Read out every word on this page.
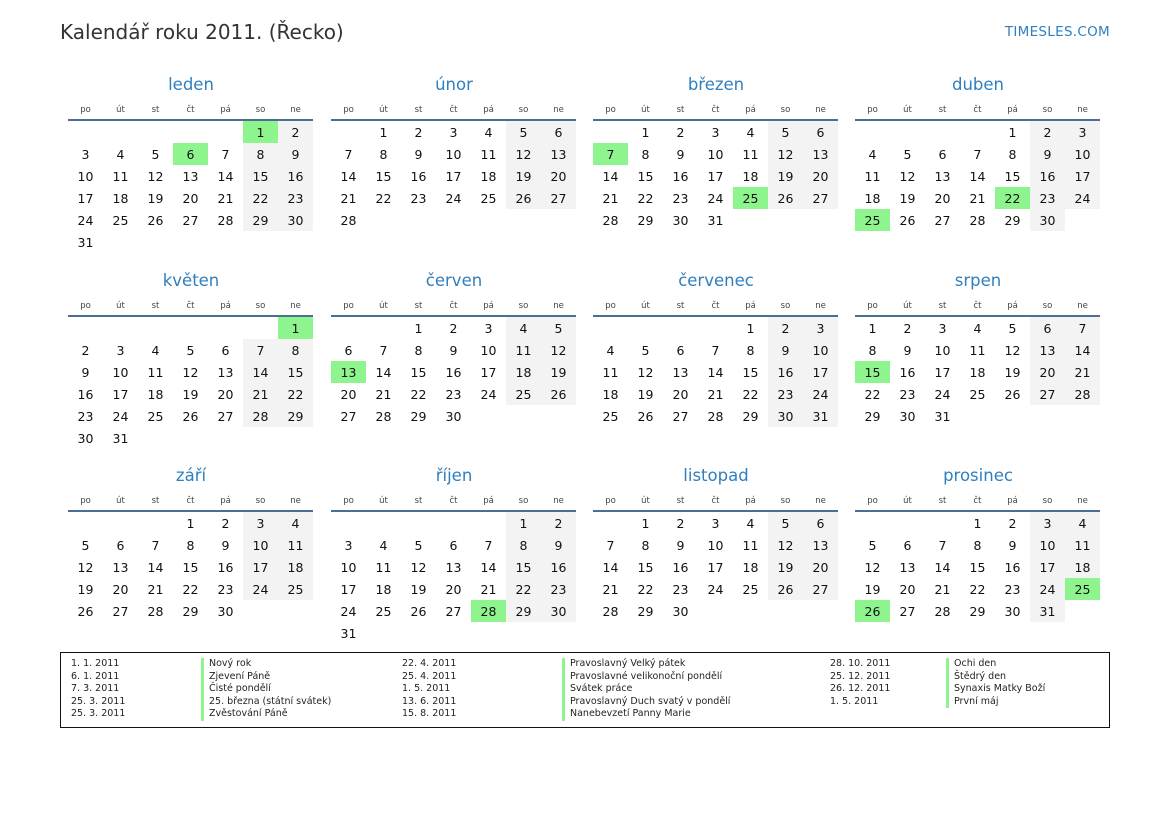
Kalendář roku 2011. (Řecko)	TIMESLES.COM
leden
po	út	st	čt	pá	so	ne
					1	2
3	4	5	6	7	8	9
10	11	12	13	14	15	16
17	18	19	20	21	22	23
24	25	26	27	28	29	30
31						
únor
po	út	st	čt	pá	so	ne
	1	2	3	4	5	6
7	8	9	10	11	12	13
14	15	16	17	18	19	20
21	22	23	24	25	26	27
28						
březen
po	út	st	čt	pá	so	ne
	1	2	3	4	5	6
7	8	9	10	11	12	13
14	15	16	17	18	19	20
21	22	23	24	25	26	27
28	29	30	31			
duben
po	út	st	čt	pá	so	ne
				1	2	3
4	5	6	7	8	9	10
11	12	13	14	15	16	17
18	19	20	21	22	23	24
25	26	27	28	29	30	
květen
po	út	st	čt	pá	so	ne
						1
2	3	4	5	6	7	8
9	10	11	12	13	14	15
16	17	18	19	20	21	22
23	24	25	26	27	28	29
30	31					
červen
po	út	st	čt	pá	so	ne
		1	2	3	4	5
6	7	8	9	10	11	12
13	14	15	16	17	18	19
20	21	22	23	24	25	26
27	28	29	30			
červenec
po	út	st	čt	pá	so	ne
				1	2	3
4	5	6	7	8	9	10
11	12	13	14	15	16	17
18	19	20	21	22	23	24
25	26	27	28	29	30	31
srpen
po	út	st	čt	pá	so	ne
1	2	3	4	5	6	7
8	9	10	11	12	13	14
15	16	17	18	19	20	21
22	23	24	25	26	27	28
29	30	31				
září
po	út	st	čt	pá	so	ne
			1	2	3	4
5	6	7	8	9	10	11
12	13	14	15	16	17	18
19	20	21	22	23	24	25
26	27	28	29	30		
říjen
po	út	st	čt	pá	so	ne
					1	2
3	4	5	6	7	8	9
10	11	12	13	14	15	16
17	18	19	20	21	22	23
24	25	26	27	28	29	30
31						
listopad
po	út	st	čt	pá	so	ne
	1	2	3	4	5	6
7	8	9	10	11	12	13
14	15	16	17	18	19	20
21	22	23	24	25	26	27
28	29	30				
prosinec
po	út	st	čt	pá	so	ne
			1	2	3	4
5	6	7	8	9	10	11
12	13	14	15	16	17	18
19	20	21	22	23	24	25
26	27	28	29	30	31	
1. 1. 2011	Nový rok
6. 1. 2011	Zjevení Páně
7. 3. 2011	Čisté pondělí
25. 3. 2011	25. března (státní svátek)
25. 3. 2011	Zvěstování Páně
22. 4. 2011	Pravoslavný Velký pátek
25. 4. 2011	Pravoslavné velikonoční pondělí
1. 5. 2011	Svátek práce
13. 6. 2011	Pravoslavný Duch svatý v pondělí
15. 8. 2011	Nanebevzetí Panny Marie
28. 10. 2011	Ochi den
25. 12. 2011	Štědrý den
26. 12. 2011	Synaxis Matky Boží
1. 5. 2011	První máj
